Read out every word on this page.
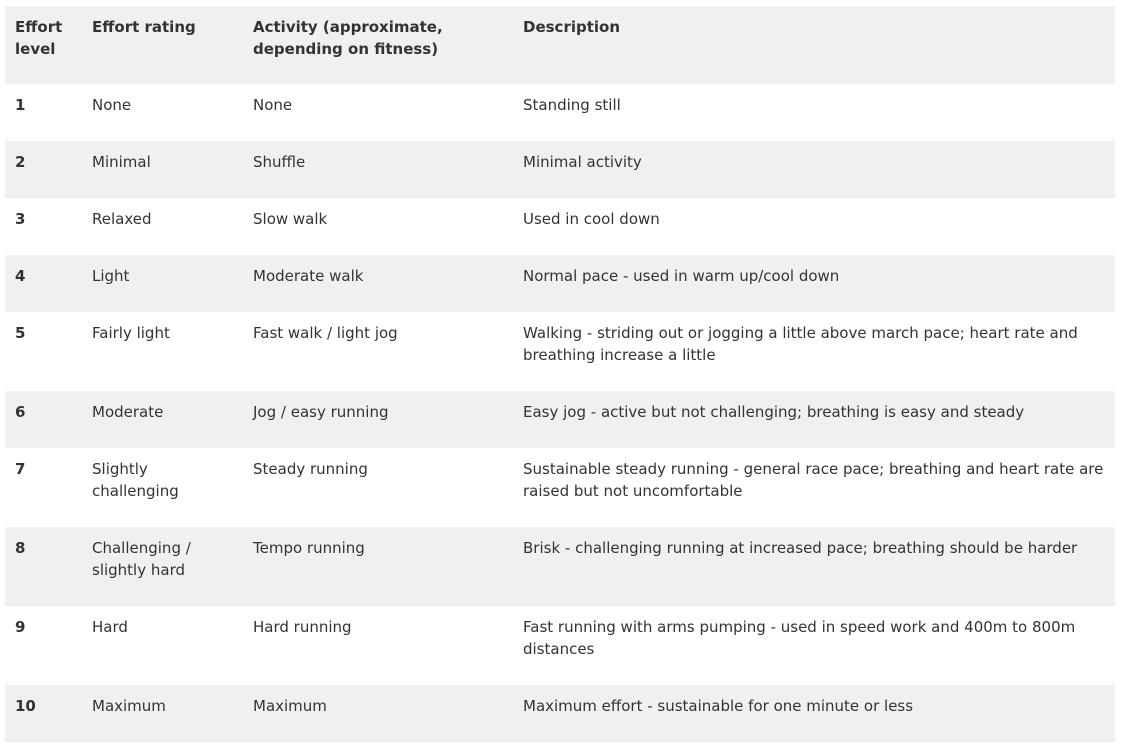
Effort level	Effort rating	Activity (approximate, depending on fitness)	Description
1	None	None	Standing still
2	Minimal	Shuffle	Minimal activity
3	Relaxed	Slow walk	Used in cool down
4	Light	Moderate walk	Normal pace - used in warm up/cool down
5	Fairly light	Fast walk / light jog	Walking - striding out or jogging a little above march pace; heart rate and breathing increase a little
6	Moderate	Jog / easy running	Easy jog - active but not challenging; breathing is easy and steady
7	Slightly challenging	Steady running	Sustainable steady running - general race pace; breathing and heart rate are raised but not uncomfortable
8	Challenging / slightly hard	Tempo running	Brisk - challenging running at increased pace; breathing should be harder
9	Hard	Hard running	Fast running with arms pumping - used in speed work and 400m to 800m distances
10	Maximum	Maximum	Maximum effort - sustainable for one minute or less
